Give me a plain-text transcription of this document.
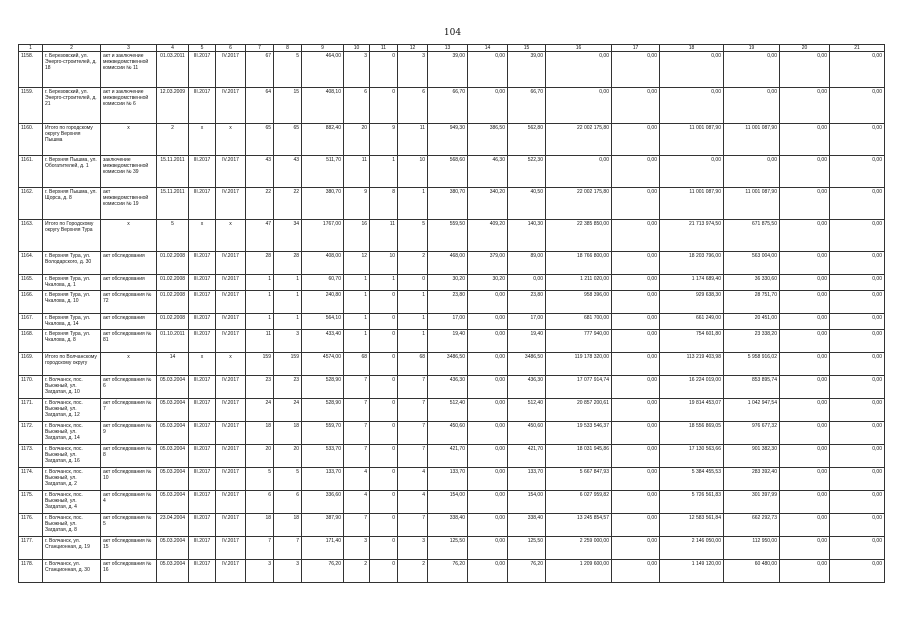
104
1	2	3	4	5	6	7	8	9	10	11	12	13	14	15	16	17	18	19	20	21
1158.	г. Березовский, ул. Энерго-строителей, д. 18	акт и заключение межведомственной комиссии № 11	01.03.2011	III.2017	IV.2017	67	5	464,00	3	0	3	39,00	0,00	39,00	0,00	0,00	0,00	0,00	0,00	0,00
1159.	г. Березовский, ул. Энерго-строителей, д. 21	акт и заключение межведомственной комиссии № 6	12.03.2009	III.2017	IV.2017	64	15	408,10	6	0	6	66,70	0,00	66,70	0,00	0,00	0,00	0,00	0,00	0,00
1160.	Итого по городскому округу Верхняя Пышма	x	2	x	x	65	65	882,40	20	9	11	949,30	386,50	562,80	22 002 175,80	0,00	11 001 087,90	11 001 087,90	0,00	0,00
1161.	г. Верхняя Пышма, ул. Обогатителей, д. 1	заключение межведомственной комиссии № 39	15.11.2011	III.2017	IV.2017	43	43	511,70	11	1	10	568,60	46,30	522,30	0,00	0,00	0,00	0,00	0,00	0,00
1162.	г. Верхняя Пышма, ул. Щорса, д. 8	акт межведомственной комиссии № 19	15.11.2011	III.2017	IV.2017	22	22	380,70	9	8	1	380,70	340,20	40,50	22 002 175,80	0,00	11 001 087,90	11 001 087,90	0,00	0,00
1163.	Итого по Городскому округу Верхняя Тура	x	5	x	x	47	34	1767,00	16	11	5	559,50	409,20	140,30	22 385 850,00	0,00	21 713 974,50	671 875,50	0,00	0,00
1164.	г. Верхняя Тура, ул. Володарского, д. 30	акт обследования	01.02.2008	III.2017	IV.2017	28	28	408,00	12	10	2	468,00	379,00	89,00	18 766 800,00	0,00	18 203 796,00	563 004,00	0,00	0,00
1165.	г. Верхняя Тура, ул. Чкалова, д. 1	акт обследования	01.02.2008	III.2017	IV.2017	1	1	60,70	1	1	0	30,20	30,20	0,00	1 211 020,00	0,00	1 174 689,40	36 330,60	0,00	0,00
1166.	г. Верхняя Тура, ул. Чкалова, д. 10	акт обследования № 72	01.02.2008	III.2017	IV.2017	1	1	240,80	1	0	1	23,80	0,00	23,80	958 396,00	0,00	929 638,30	28 751,70	0,00	0,00
1167.	г. Верхняя Тура, ул. Чкалова, д. 14	акт обследования	01.02.2008	III.2017	IV.2017	1	1	564,10	1	0	1	17,00	0,00	17,00	681 700,00	0,00	661 249,00	20 451,00	0,00	0,00
1168.	г. Верхняя Тура, ул. Чкалова, д. 8	акт обследования № 81	01.10.2011	III.2017	IV.2017	11	3	433,40	1	0	1	19,40	0,00	19,40	777 940,00	0,00	754 601,80	23 338,20	0,00	0,00
1169.	Итого по Волчанскому городскому округу	x	14	x	x	159	159	4574,00	68	0	68	3486,50	0,00	3486,50	119 178 320,00	0,00	113 219 403,98	5 958 916,02	0,00	0,00
1170.	г. Волчанск, пос. Вьюжный, ул. Загдатая, д. 10	акт обследования № 6	05.03.2004	III.2017	IV.2017	23	23	528,90	7	0	7	436,30	0,00	436,30	17 077 914,74	0,00	16 224 019,00	853 895,74	0,00	0,00
1171.	г. Волчанск, пос. Вьюжный, ул. Загдатая, д. 12	акт обследования № 7	05.03.2004	III.2017	IV.2017	24	24	528,90	7	0	7	512,40	0,00	512,40	20 857 200,61	0,00	19 814 453,07	1 042 947,54	0,00	0,00
1172.	г. Волчанск, пос. Вьюжный, ул. Загдатая, д. 14	акт обследования № 9	05.03.2004	III.2017	IV.2017	18	18	559,70	7	0	7	450,60	0,00	450,60	19 533 546,37	0,00	18 556 869,05	976 677,32	0,00	0,00
1173.	г. Волчанск, пос. Вьюжный, ул. Загдатая, д. 16	акт обследования № 8	05.03.2004	III.2017	IV.2017	20	20	533,70	7	0	7	421,70	0,00	421,70	18 031 945,86	0,00	17 130 563,66	901 382,30	0,00	0,00
1174.	г. Волчанск, пос. Вьюжный, ул. Загдатая, д. 2	акт обследования № 10	05.03.2004	III.2017	IV.2017	5	5	133,70	4	0	4	133,70	0,00	133,70	5 667 847,93	0,00	5 384 455,53	283 392,40	0,00	0,00
1175.	г. Волчанск, пос. Вьюжный, ул. Загдатая, д. 4	акт обследования № 4	05.03.2004	III.2017	IV.2017	6	6	336,60	4	0	4	154,00	0,00	154,00	6 027 959,82	0,00	5 726 561,83	301 397,99	0,00	0,00
1176.	г. Волчанск, пос. Вьюжный, ул. Загдатая, д. 8	акт обследования № 5	23.04.2004	III.2017	IV.2017	18	18	387,90	7	0	7	338,40	0,00	338,40	13 245 854,57	0,00	12 583 561,84	662 292,73	0,00	0,00
1177.	г. Волчанск, ул. Станционная, д. 19	акт обследования № 15	05.03.2004	III.2017	IV.2017	7	7	171,40	3	0	3	125,50	0,00	125,50	2 259 000,00	0,00	2 146 050,00	112 950,00	0,00	0,00
1178.	г. Волчанск, ул. Станционная, д. 30	акт обследования № 16	05.03.2004	III.2017	IV.2017	3	3	76,20	2	0	2	76,20	0,00	76,20	1 209 600,00	0,00	1 149 120,00	60 480,00	0,00	0,00
